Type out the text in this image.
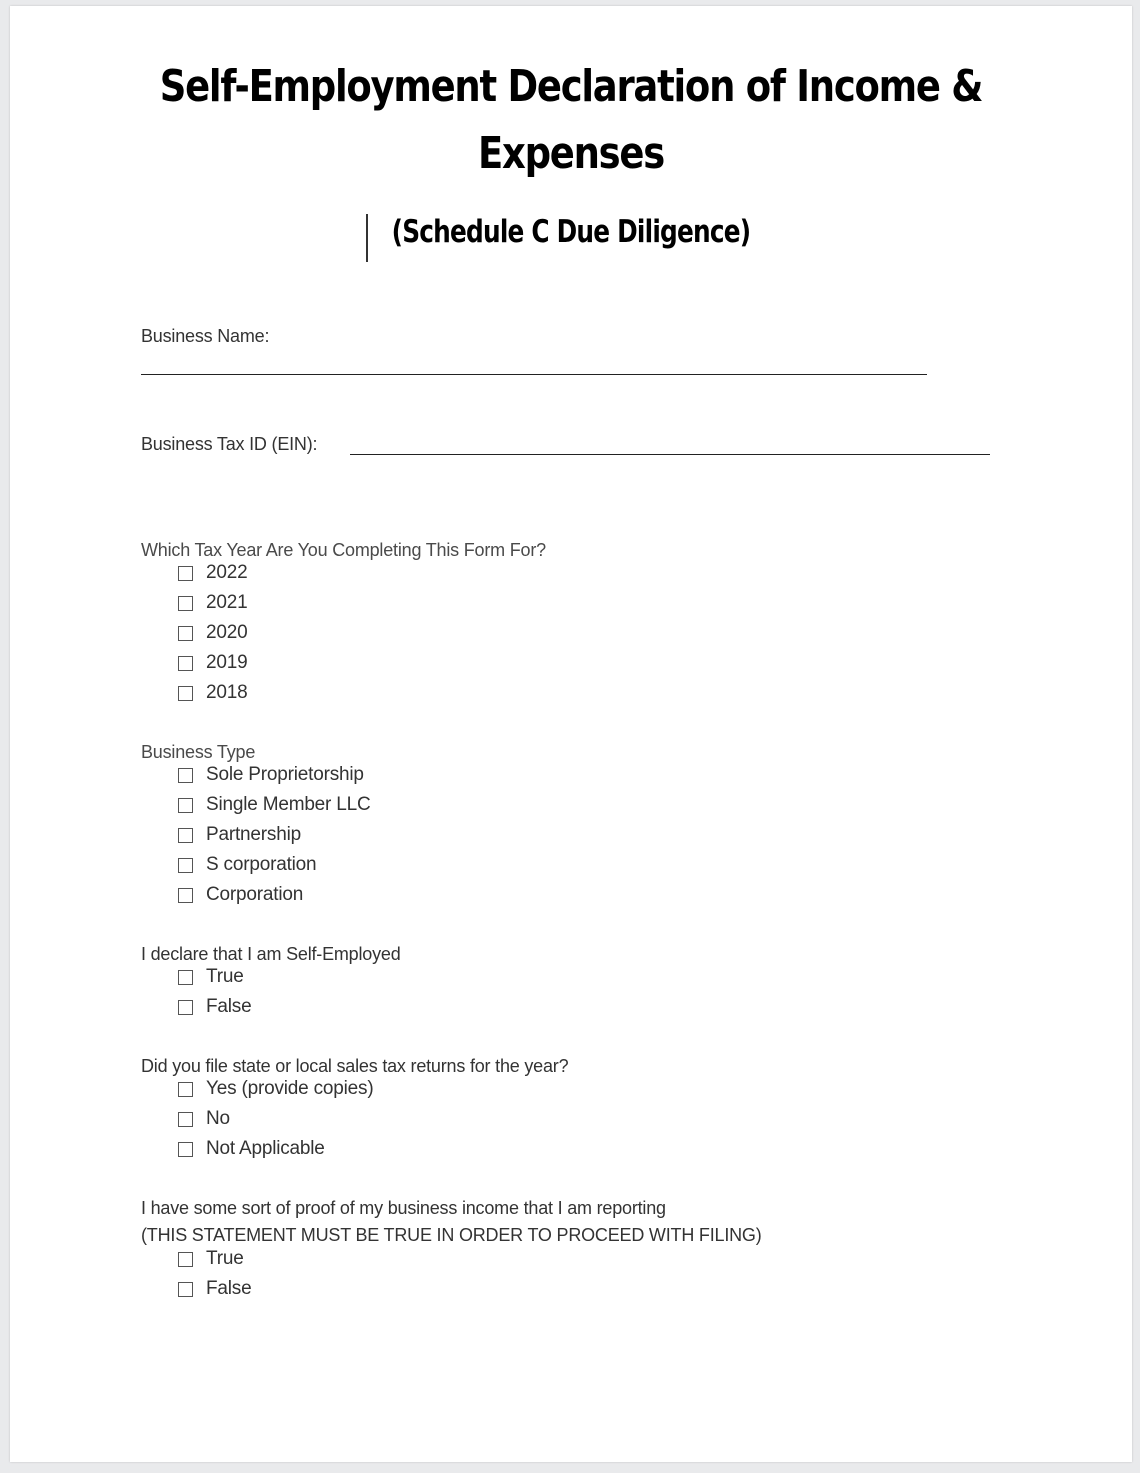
Self-Employment Declaration of Income &
Expenses
(Schedule C Due Diligence)
Business Name:
Business Tax ID (EIN):
Which Tax Year Are You Completing This Form For?
2022
2021
2020
2019
2018
Business Type
Sole Proprietorship
Single Member LLC
Partnership
S corporation
Corporation
I declare that I am Self-Employed
True
False
Did you file state or local sales tax returns for the year?
Yes (provide copies)
No
Not Applicable
I have some sort of proof of my business income that I am reporting
(THIS STATEMENT MUST BE TRUE IN ORDER TO PROCEED WITH FILING)
True
False
